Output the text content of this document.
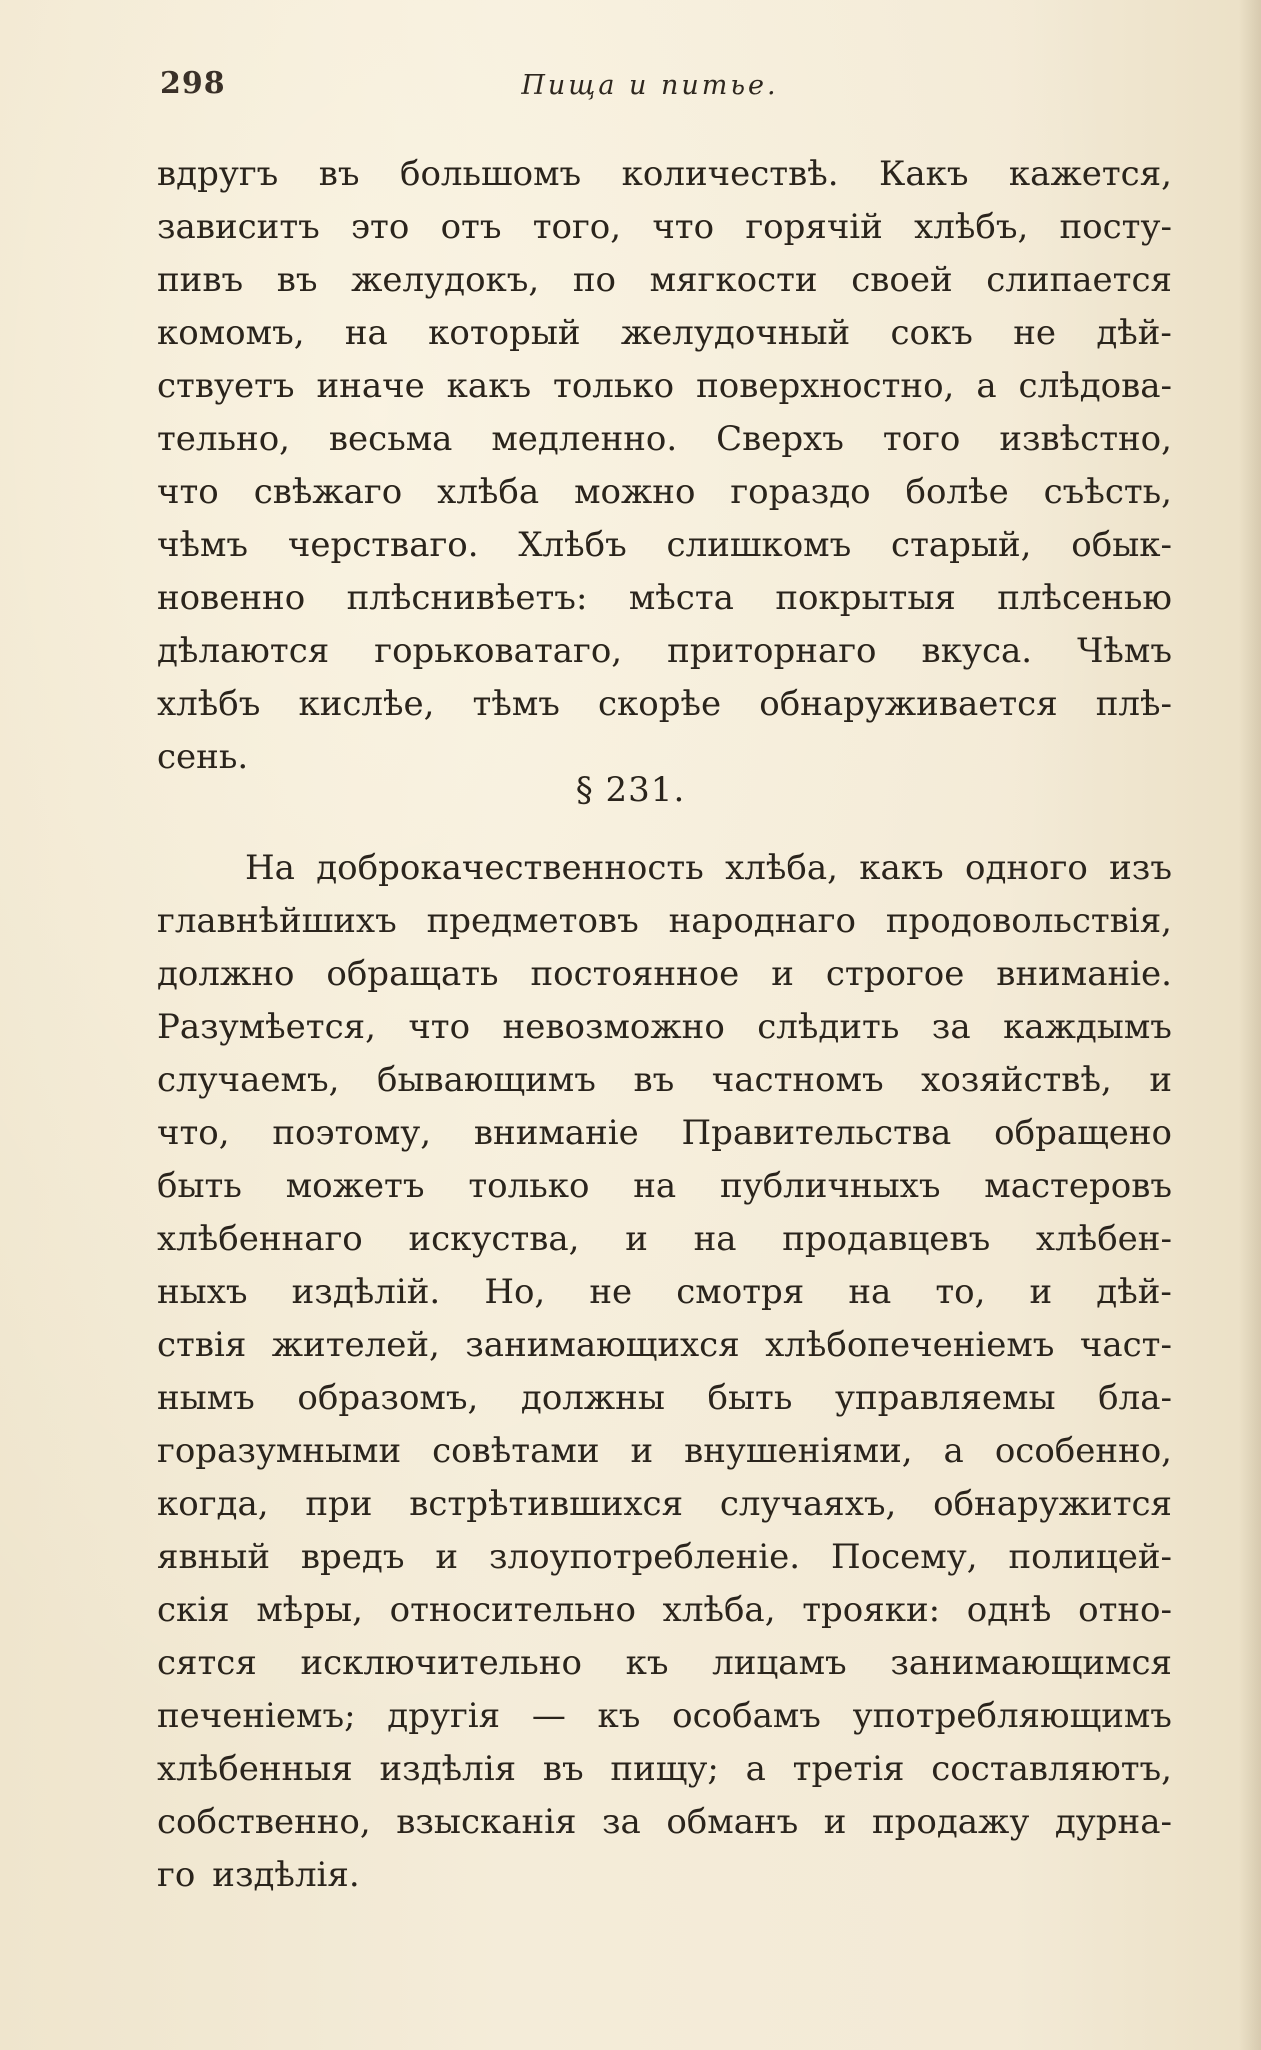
298	Пища и питье.
вдругъ въ большомъ количествѣ. Какъ кажется,
зависитъ это отъ того, что горячiй хлѣбъ, посту-
пивъ въ желудокъ, по мягкости своей слипается
комомъ, на который желудочный сокъ не дѣй-
ствуетъ иначе какъ только поверхностно, а слѣдова-
тельно, весьма медленно. Сверхъ того извѣстно,
что свѣжаго хлѣба можно гораздо болѣе съѣсть,
чѣмъ черстваго. Хлѣбъ слишкомъ старый, обык-
новенно плѣснивѣетъ: мѣста покрытыя плѣсенью
дѣлаются горьковатаго, приторнаго вкуса. Чѣмъ
хлѣбъ кислѣе, тѣмъ скорѣе обнаруживается плѣ-
сень.
§ 231.
На доброкачественность хлѣба, какъ одного изъ
главнѣйшихъ предметовъ народнаго продовольствiя,
должно обращать постоянное и строгое вниманiе.
Разумѣется, что невозможно слѣдить за каждымъ
случаемъ, бывающимъ въ частномъ хозяйствѣ, и
что, поэтому, вниманiе Правительства обращено
быть можетъ только на публичныхъ мастеровъ
хлѣбеннаго искуства, и на продавцевъ хлѣбен-
ныхъ издѣлiй. Но, не смотря на то, и дѣй-
ствiя жителей, занимающихся хлѣбопеченiемъ част-
нымъ образомъ, должны быть управляемы бла-
горазумными совѣтами и внушенiями, а особенно,
когда, при встрѣтившихся случаяхъ, обнаружится
явный вредъ и злоупотребленiе. Посему, полицей-
скiя мѣры, относительно хлѣба, трояки: однѣ отно-
сятся исключительно къ лицамъ занимающимся
печенiемъ; другiя — къ особамъ употребляющимъ
хлѣбенныя издѣлiя въ пищу; а третiя составляютъ,
собственно, взысканiя за обманъ и продажу дурна-
го издѣлiя.
